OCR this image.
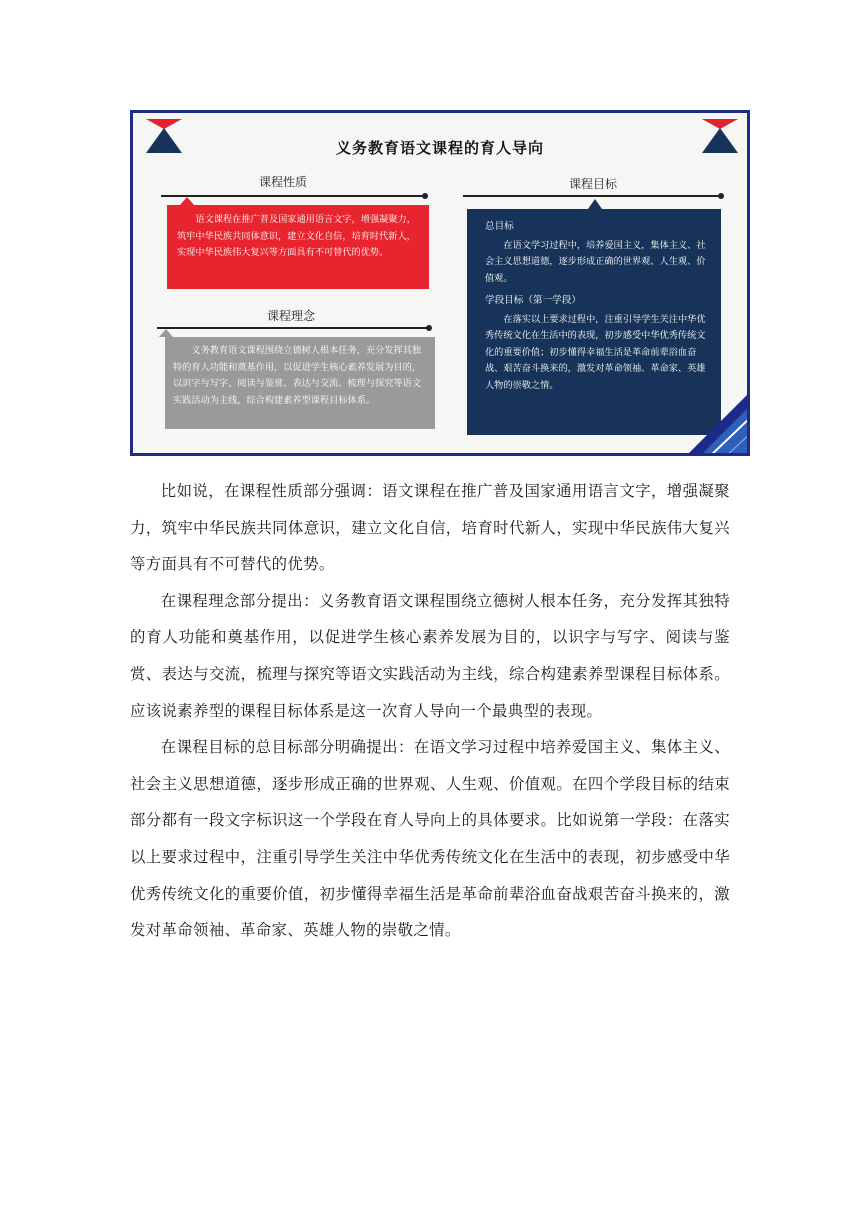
义务教育语文课程的育人导向
课程性质

语文课程在推广普及国家通用语言文字，增强凝聚力，筑牢中华民族共同体意识，建立文化自信，培育时代新人，实现中华民族伟大复兴等方面具有不可替代的优势。

课程理念

义务教育语文课程围绕立德树人根本任务，充分发挥其独特的育人功能和奠基作用，以促进学生核心素养发展为目的，以识字与写字、阅读与鉴赏、表达与交流、梳理与探究等语文实践活动为主线，综合构建素养型课程目标体系。

课程目标

总目标

在语文学习过程中，培养爱国主义，集体主义、社会主义思想道德，逐步形成正确的世界观、人生观、价值观。

学段目标（第一学段）

在落实以上要求过程中，注重引导学生关注中华优秀传统文化在生活中的表现，初步感受中华优秀传统文化的重要价值；初步懂得幸福生活是革命前辈浴血奋战、艰苦奋斗换来的，激发对革命领袖、革命家、英雄人物的崇敬之情。

比如说，在课程性质部分强调：语文课程在推广普及国家通用语言文字，增强凝聚力，筑牢中华民族共同体意识，建立文化自信，培育时代新人，实现中华民族伟大复兴等方面具有不可替代的优势。

在课程理念部分提出：义务教育语文课程围绕立德树人根本任务，充分发挥其独特的育人功能和奠基作用，以促进学生核心素养发展为目的，以识字与写字、阅读与鉴赏、表达与交流，梳理与探究等语文实践活动为主线，综合构建素养型课程目标体系。应该说素养型的课程目标体系是这一次育人导向一个最典型的表现。

在课程目标的总目标部分明确提出：在语文学习过程中培养爱国主义、集体主义、社会主义思想道德，逐步形成正确的世界观、人生观、价值观。在四个学段目标的结束部分都有一段文字标识这一个学段在育人导向上的具体要求。比如说第一学段：在落实以上要求过程中，注重引导学生关注中华优秀传统文化在生活中的表现，初步感受中华优秀传统文化的重要价值，初步懂得幸福生活是革命前辈浴血奋战艰苦奋斗换来的，激发对革命领袖、革命家、英雄人物的崇敬之情。
